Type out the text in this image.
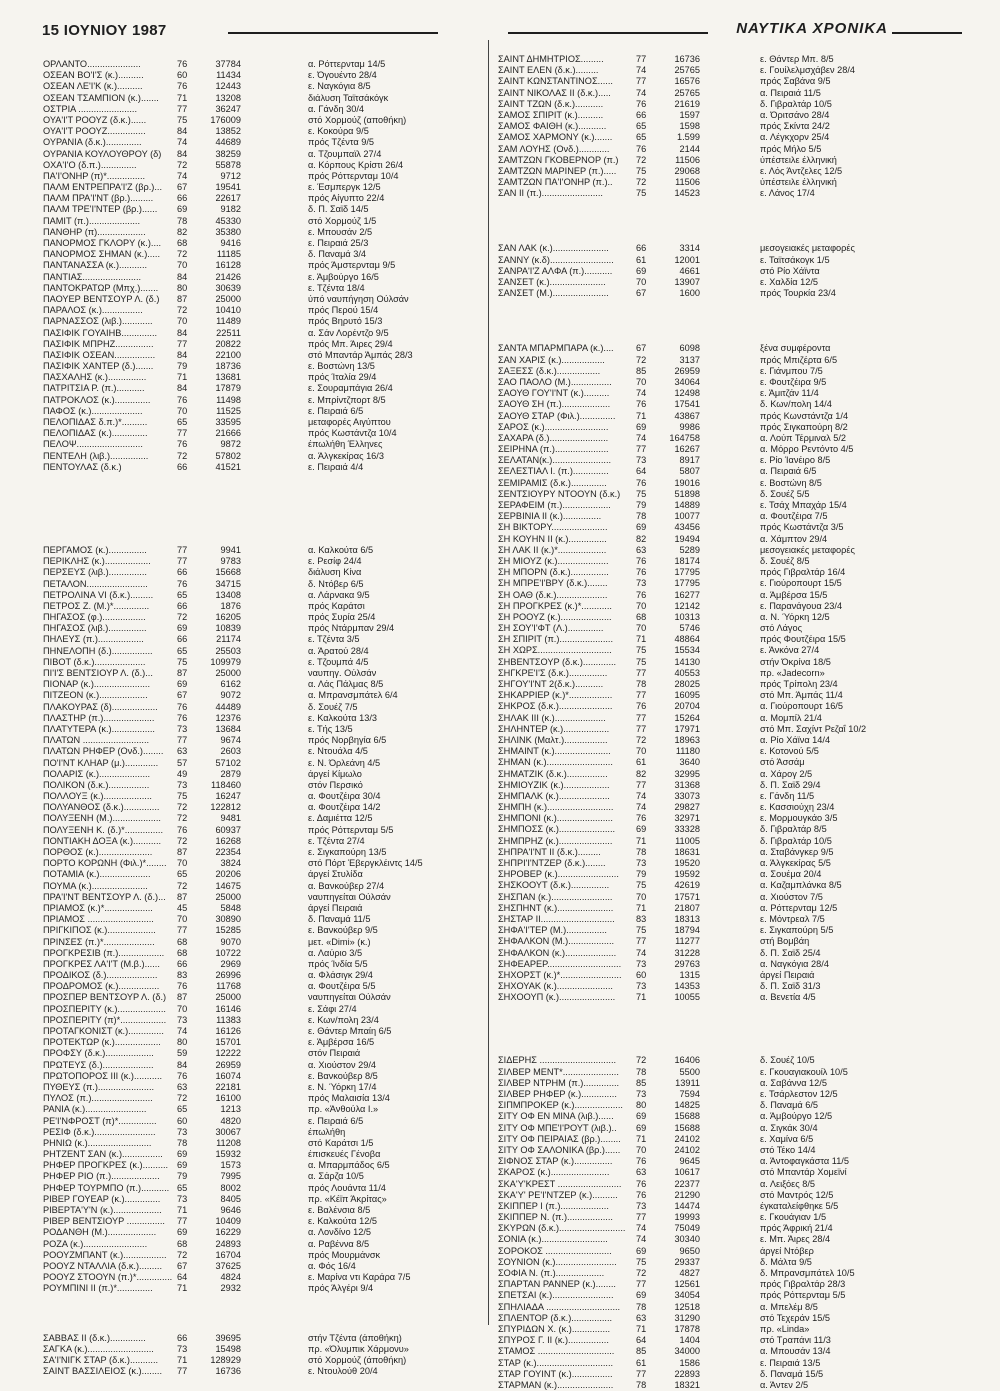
15 ΙΟΥΝΙΟΥ 1987	ΝΑΥΤΙΚΑ ΧΡΟΝΙΚΑ
ΟΡΛΑΝΤΟ.....................	76	37784	α. Ρόττερνταμ 14/5
ΟΣΕΑΝ ΒΟ'Ι'Σ (κ.)..........	60	11434	ε. Όγουέντο 28/4
ΟΣΕΑΝ ΛΕ'Ι'Κ (κ.)..........	76	12443	ε. Ναγκόγια 8/5
ΟΣΕΑΝ ΤΣΑΜΠΙΟΝ (κ.).......	71	13208	διάλυση Ταϊτσάκόγκ
ΟΣΤΡΙΑ .......................	77	36247	α. Γάνδη 30/4
ΟΥΑ'Ι'Τ ΡΟΟΥΖ (δ.κ.)......	75	176009	στό Χορμούζ (αποθήκη)
ΟΥΑ'Ι'Τ ΡΟΟΥΖ...............	84	13852	ε. Κοκούρα 9/5
ΟΥΡΑΝΙΑ (δ.κ.)..............	74	44689	πρός Τζέντα 9/5
ΟΥΡΑΝΙΑ ΚΟΥΛΟΥΘΡΟΥ (δ)	84	38259	α. Τζουμπαϊλ 27/4
ΟΧΑ'Ι'Ο (δ.π.)..............	72	55878	α. Κόρπους Κρίστι 26/4
ΠΑ'Ι'ΟΝΗΡ (π)*...............	74	9712	πρός Ρόττερνταμ 10/4
ΠΑΛΜ ΕΝΤΡΕΠΡΑ'Ι'Ζ (βρ.)...	67	19541	ε. Έσμπεργκ 12/5
ΠΑΛΜ ΠΡΑ'Ι'ΝΤ (βρ.).........	66	22617	πρός Αίγυπτο 22/4
ΠΑΛΜ ΤΡΕ'Ι'ΝΤΕΡ (βρ.)......	69	9182	δ. Π. Σαϊδ 14/5
ΠΑΜΙΤ (π.)....................	78	45330	στό Χορμούζ 1/5
ΠΑΝΘΗΡ (π)...................	82	35380	ε. Μπουσάν 2/5
ΠΑΝΟΡΜΟΣ ΓΚΛΟΡΥ (κ.)....	68	9416	ε. Πειραιά 25/3
ΠΑΝΟΡΜΟΣ ΣΗΜΑΝ (κ.).....	72	11185	δ. Παναμά 3/4
ΠΑΝΤΑΝΑΣΣΑ (κ.)...........	70	16128	πρός Άμστερνταμ 9/5
ΠΑΝΤΙΑΣ.......................	84	21426	ε. Άμβούργο 16/5
ΠΑΝΤΟΚΡΑΤΩΡ (Μπχ.).......	80	30639	ε. Τζέντα 18/4
ΠΑΟΥΕΡ ΒΕΝΤΣΟΥΡ Λ. (δ.)	87	25000	ύπό ναυπήγηση Ούλσάν
ΠΑΡΑΛΟΣ (κ.)................	72	10410	πρός Περού 15/4
ΠΑΡΝΑΣΣΟΣ (λιβ.)............	70	11489	πρός Βηρυτό 15/3
ΠΑΣΙΦΙΚ ΓΟΥΑΙΗΒ..............	84	22511	α. Σάν Λορέντζο 9/5
ΠΑΣΙΦΙΚ ΜΠΡΗΖ...............	77	20822	πρός Μπ. Άιρες 29/4
ΠΑΣΙΦΙΚ ΟΣΕΑΝ................	84	22100	στό Μπαντάρ Άμπάς 28/3
ΠΑΣΙΦΙΚ ΧΑΝΤΕΡ (δ.).......	79	18736	ε. Βοστώνη 13/5
ΠΑΣΧΑΛΗΣ (κ.)...............	71	13681	πρός Ίταλία 29/4
ΠΑΤΡΙΤΣΙΑ Ρ. (π.)...........	84	17879	ε. Σουραμπάγια 26/4
ΠΑΤΡΟΚΛΟΣ (κ.)..............	76	11498	ε. Μπρίντζπορτ 8/5
ΠΑΦΟΣ (κ.)....................	70	11525	ε. Πειραιά 6/5
ΠΕΛΟΠΙΔΑΣ δ.π.)*..........	65	33595	μεταφορές Αιγύπτου
ΠΕΛΟΠΙΔΑΣ (κ.)..............	77	21666	πρός Κωστάντζα 10/4
ΠΕΛΟΨ..........................	76	9872	έπωλήθη Έλληνες
ΠΕΝΤΕΛΗ (λιβ.)...............	72	57802	α. Άλγκεκίρας 16/3
ΠΕΝΤΟΥΛΑΣ (δ.κ.)	66	41521	ε. Πειραιά 4/4
ΠΕΡΓΑΜΟΣ (κ.)...............	77	9941	α. Καλκούτα 6/5
ΠΕΡΙΚΛΗΣ (κ.)..................	77	9783	ε. Ρεσίφ 24/4
ΠΕΡΣΕΥΣ (λιβ.)...............	66	15668	διάλυση Κίνα
ΠΕΤΑΛΟΝ........................	76	34715	δ. Ντόβερ 6/5
ΠΕΤΡΟΛΙΝΑ VI (δ.κ.).........	65	13408	α. Λάρνακα 9/5
ΠΕΤΡΟΣ Ζ. (Μ.)*..............	66	1876	πρός Καράτσι
ΠΗΓΑΣΟΣ (φ.).................	72	16205	πρός Συρία 25/4
ΠΗΓΑΣΟΣ (λιβ.)...............	69	10839	πρός Ντάρμπαν 29/4
ΠΗΛΕΥΣ (π.)..................	66	21174	ε. Τζέντα 3/5
ΠΗΝΕΛΟΠΗ (δ.)................	65	25503	α. Άρατού 28/4
ΠΙΒΟΤ (δ.κ.)....................	75	109979	ε. Τζουμπά 4/5
ΠΙ'Ι'Σ ΒΕΝΤΣΙΟΥΡ Λ. (δ.)...	87	25000	ναυπηγ. Ούλσάν
ΠΙΟΝΑΡ (κ.)......................	69	6162	α. Λάς Πάλμας 8/5
ΠΙΤΖΕΟΝ (κ.)...................	67	9072	α. Μπρανσμπάτελ 6/4
ΠΛΑΚΟΥΡΑΣ (δ)..................	76	44489	δ. Σουέζ 7/5
ΠΛΑΣΤΗΡ (π.)....................	76	12376	ε. Καλκούτα 13/3
ΠΛΑΤΥΤΕΡΑ (κ.).................	73	13684	ε. Τής 13/5
ΠΛΑΤΩΝ ..........................	77	9674	πρός Νορβηγία 6/5
ΠΛΑΤΩΝ ΡΗΦΕΡ (Ονδ.)........	63	2603	ε. Ντουάλα 4/5
ΠΟ'Ι'ΝΤ ΚΛΗΑΡ (μ.).............	57	57102	ε. Ν. Όρλεάνη 4/5
ΠΟΛΑΡΙΣ (κ.)....................	49	2879	άργεί Κίμωλο
ΠΟΛΙΚΟΝ (δ.κ.)................	73	118460	στόν Περσικό
ΠΟΛΛΟΥΞ (κ.)...................	75	16247	α. Φουτζέιρα 30/4
ΠΟΛΥΑΝΘΟΣ (δ.κ.)..............	72	122812	α. Φουτζέιρα 14/2
ΠΟΛΥΞΕΝΗ (Μ.)...................	72	9481	ε. Δαμιέττα 12/5
ΠΟΛΥΞΕΝΗ Κ. (δ.)*...............	76	60937	πρός Ρόττερνταμ 5/5
ΠΟΝΤΙΑΚΗ ΔΟΞΑ (κ.)...........	72	16268	ε. Τζέντα 27/4
ΠΟΡΘΟΣ (κ.).....................	87	22354	ε. Σιγκαπούρη 13/5
ΠΟΡΤΟ ΚΟΡΩΝΗ (Φιλ.)*........	70	3824	στό Πόρτ Έβεργκλέιντς 14/5
ΠΟΤΑΜΙΑ (κ.)....................	65	20206	άργεί Στυλίδα
ΠΟΥΜΑ (κ.)......................	72	14675	α. Βανκούβερ 27/4
ΠΡΑ'Ι'ΝΤ ΒΕΝΤΣΟΥΡ Λ. (δ.)...	87	25000	ναυπηγείται Ούλσάν
ΠΡΙΑΜΟΣ (κ.)*...................	45	5848	άργεί Πειραιά
ΠΡΙΑΜΟΣ ..........................	70	30890	δ. Παναμά 11/5
ΠΡΙΓΚΙΠΟΣ (κ.)...................	77	15285	ε. Βανκούβερ 9/5
ΠΡΙΝΣΕΣ (π.)*....................	68	9070	μετ. «Dimi» (κ.)
ΠΡΟΓΚΡΕΣΙΒ (π.)..................	68	10722	α. Λαύριο 3/5
ΠΡΟΓΚΡΕΣ ΛΑ'Ι'Τ (Μ.β.)......	66	2969	πρός Ίνδία 5/5
ΠΡΟΔΙΚΟΣ (δ.)....................	83	26996	α. Φλάσιγκ 29/4
ΠΡΟΔΡΟΜΟΣ (κ.)................	76	11768	α. Φουτζέιρα 5/5
ΠΡΟΣΠΕΡ ΒΕΝΤΣΟΥΡ Λ. (δ.)	87	25000	ναυπηγείται Ούλσάν
ΠΡΟΣΠΕΡΙΤΥ (κ.)...................	70	16146	ε. Σάφι 27/4
ΠΡΟΣΠΕΡΙΤΥ (π)*..................	73	11383	ε. Κων/πολη 23/4
ΠΡΟΤΑΓΚΟΝΙΣΤ (κ.)..............	74	16126	ε. Θάντερ Μπαίη 6/5
ΠΡΟΤΕΚΤΩΡ (κ.)..................	80	15701	ε. Άμβέρσα 16/5
ΠΡΟΦΣΥ (δ.κ.)...................	59	12222	στόν Πειραιά
ΠΡΩΤΕΥΣ (δ.)....................	84	26959	α. Χιούστον 29/4
ΠΡΩΤΟΠΟΡΟΣ III (κ.)...........	76	16074	ε. Βανκούβερ 8/5
ΠΥΘΕΥΣ (π.)......................	63	22181	ε. Ν. Ύόρκη 17/4
ΠΥΛΟΣ (π.)........................	72	16100	πρός Μαλαισία 13/4
ΡΑΝΙΑ (κ.)........................	65	1213	πρ. «Άνθούλα Ι.»
ΡΕ'Ι'ΝΦΡΟΣΤ (π)*...............	60	4820	ε. Πειραιά 6/5
ΡΕΣΙΦ (δ.κ.)........................	73	30067	έπωλήθη
ΡΗΝΙΩ (κ.).........................	78	11208	στό Καράτσι 1/5
ΡΗΤΖΕΝΤ ΣΑΝ (κ.)................	69	15932	έπισκευές Γένοβα
ΡΗΦΕΡ ΠΡΟΓΚΡΕΣ (κ.).......... 69	1573	α. Μπαρμπάδος 6/5
ΡΗΦΕΡ ΡΙΟ (π.)...................	79	7995	α. Σάρζα 10/5
ΡΗΦΕΡ ΤΟΥΡΜΠΟ (π.)........... 65	8002	πρός Λουάντα 11/4
ΡΙΒΕΡ ΓΟΥΕΑΡ (κ.)..............	73	8405	πρ. «Κέϊπ Άκρίτας»
ΡΙΒΕΡΤΑ'Υ'Ν (κ.)...................	71	9646	ε. Βαλένσια 8/5
ΡΙΒΕΡ ΒΕΝΤΣΙΟΥΡ ...............	77	10409	ε. Καλκούτα 12/5
ΡΟΔΑΝΘΗ (Μ.)...................	69	16229	α. Λονδίνο 12/5
ΡΟΖΑ (κ.).........................	68	24893	α. Ραβέννα 8/5
ΡΟΟΥΖΜΠΑΝΤ (κ.).................	72	16704	πρός Μουρμάνσκ
ΡΟΟΥΖ ΝΤΑΛΛΙΑ (δ.κ.).........	67	37625	α. Φός 16/4
ΡΟΟΥΖ ΣΤΟΟΥΝ (π.)*.............. 64	4824	ε. Μαρίνα ντι Καράρα 7/5
ΡΟΥΜΠΙΝΙ ΙΙ (π.)*..............	71	2932	πρός Άλγέρι 9/4
ΣΑΒΒΑΣ ΙΙ (δ.κ.)..............	66	39695	στήν Τζέντα (άποθήκη)
ΣΑΓΚΑ (κ.)..........................	73	15498	πρ. «Όλυμπικ Χάρμονυ»
ΣΑ'Ι'ΝΙΓΚ ΣΤΑΡ (δ.κ.)...........	71	128929	στό Χορμούζ (άποθήκη)
ΣΑΙΝΤ ΒΑΣΣΙΛΕΙΟΣ (κ.)........	77	16736	ε. Ντουλούθ 20/4
ΣΑΙΝΤ ΔΗΜΗΤΡΙΟΣ.........	77	16736	ε. Θάντερ Μπ. 8/5
ΣΑΙΝΤ ΕΛΕΝ (δ.κ.).........	74	25765	ε. Γουίλελμσχάβεν 28/4
ΣΑΙΝΤ ΚΩΝΣΤΑΝΤΙΝΟΣ......	77	16576	πρός Σαβάνα 9/5
ΣΑΙΝΤ ΝΙΚΟΛΑΣ ΙΙ (δ.κ.).....	74	25765	α. Πειραιά 11/5
ΣΑΙΝΤ ΤΖΩΝ (δ.κ.)...........	76	21619	δ. Γιβραλτάρ 10/5
ΣΑΜΟΣ ΣΠΙΡΙΤ (κ.)..........	66	1597	α. Όριτσάνο 28/4
ΣΑΜΟΣ ΦΑΙΘΗ (κ.)...........	65	1598	πρός Σκίντα 24/2
ΣΑΜΟΣ ΧΑΡΜΟΝΥ (κ.).......	65	1.599	α. Λέγκχορν 25/4
ΣΑΜ ΛΟΥΗΣ (Ονδ.)............	76	2144	πρός Μήλο 5/5
ΣΑΜΤΖΩΝ ΓΚΟΒΕΡΝΟΡ (π.)	72	11506	ύπέστειλε έλληνική
ΣΑΜΤΖΩΝ ΜΑΡΙΝΕΡ (π.).....	75	29068	ε. Λός Άντζελες 12/5
ΣΑΜΤΖΩΝ ΠΑ'Ι'ΟΝΗΡ (π.)..	72	11506	ύπέστειλε έλληνική
ΣΑΝ ΙΙ (π.)........................	75	14523	ε. Λάνος 17/4
ΣΑΝ ΛΑΚ (κ.)......................	66	3314	μεσογειακές μεταφορές
ΣΑΝΝΥ (κ.δ).........................	61	12001	ε. Ταϊτσάκογκ 1/5
ΣΑΝΡΑ'Ι'Ζ ΑΛΦΑ (π.)...........	69	4661	στό Ρίο Χάϊντα
ΣΑΝΣΕΤ (κ.)......................	70	13907	ε. Χαλδία 12/5
ΣΑΝΣΕΤ (Μ.)......................	67	1600	πρός Τουρκία 23/4
ΣΑΝΤΑ ΜΠΑΡΜΠΑΡΑ (κ.)....	67	6098	ξένα συμφέροντα
ΣΑΝ ΧΑΡΙΣ (κ.).................	72	3137	πρός Μπιζέρτα 6/5
ΣΑΞΕΣΣ (δ.κ.).................	85	26959	ε. Γιάνμπου 7/5
ΣΑΟ ΠΑΟΛΟ (Μ.)................	70	34064	ε. Φουτζέιρα 9/5
ΣΑΟΥΘ ΓΟΥ'Ι'ΝΤ (κ.)..........	74	12498	ε. Άμιτζάν 11/4
ΣΑΟΥΘ ΣΗ (π.)...................	76	17541	δ. Κων/πολη 14/4
ΣΑΟΥΘ ΣΤΑΡ (Φιλ.)..............	71	43867	πρός Κωνστάντζα 1/4
ΣΑΡΟΣ (κ.).........................	69	9986	πρός Σιγκαπούρη 8/2
ΣΑΧΑΡΑ (δ.).......................	74	164758	α. Λούπ Τέρμιναλ 5/2
ΣΕΙΡΗΝΑ (π.).....................	77	16267	α. Μόρρο Ρεντόντο 4/5
ΣΕΛΑΤΑΝ(κ.).......................	73	8917	ε. Ρίο Ίανέιρο 8/5
ΣΕΛΕΣΤΙΑΛ Ι. (π.)..............	64	5807	α. Πειραιά 6/5
ΣΕΜΙΡΑΜΙΣ (δ.κ.)..............	76	19016	ε. Βοστώνη 8/5
ΣΕΝΤΣΙΟΥΡΥ ΝΤΟΟΥΝ (δ.κ.)	75	51898	δ. Σουέζ 5/5
ΣΕΡΑΦΕΙΜ (π.)...................	79	14889	ε. Τσάχ Μπαχάρ 15/4
ΣΕΡΒΙΝΙΑ ΙΙ (κ.)...............	78	10077	α. Φουτζέιρα 7/5
ΣΗ ΒΙΚΤΟΡΥ......................	69	43456	πρός Κωστάντζα 3/5
ΣΗ ΚΟΥΗΝ ΙΙ (κ.)...............	82	19494	α. Χάμπτον 29/4
ΣΗ ΛΑΚ ΙΙ (κ.)*...................	63	5289	μεσογειακές μεταφορές
ΣΗ ΜΙΟΥΖ (κ.)....................	76	18174	δ. Σουέζ 8/5
ΣΗ ΜΠΟΡΝ (δ.κ.)...............	76	17795	πρός Γιβραλτάρ 16/4
ΣΗ ΜΠΡΕ'Ι'ΒΡΥ (δ.κ.)........	73	17795	ε. Γιούροπουρτ 15/5
ΣΗ ΟΑΘ (δ.κ.)....................	76	16277	α. Άμβέρσα 15/5
ΣΗ ΠΡΟΓΚΡΕΣ (κ.)*............	70	12142	ε. Παρανάγουα 23/4
ΣΗ ΡΟΟΥΖ (κ.)....................	68	10313	α. Ν. Ύόρκη 12/5
ΣΗ ΣΟΥ'Ι'ΦΤ (Λ.)..............	70	5746	στό Λάγος
ΣΗ ΣΠΙΡΙΤ (π.).....................	71	48864	πρός Φουτζέιρα 15/5
ΣΗ ΧΩΡΣ.............................	75	15534	ε. Άνκόνα 27/4
ΣΗΒΕΝΤΣΟΥΡ (δ.κ.).............	75	14130	στήν Όκρίνα 18/5
ΣΗΓΚΡΕ'Ι'Σ (δ.κ.)...............	77	40553	πρ. «Jadecorn»
ΣΗΓΟΥ'Ι'ΝΤ 2(δ.κ.)...........	78	28025	πρός Τρίπολη 23/4
ΣΗΚΑΡΡΙΕΡ (κ.)*.................	77	16095	στό Μπ. Άμπάς 11/4
ΣΗΚΡΟΣ (δ.κ.).....................	76	20704	α. Γιούροπουρτ 16/5
ΣΗΛΑΚ ΙΙΙ (κ.)....................	77	15264	α. Μομπίλ 21/4
ΣΗΛΗΝΤΕΡ (κ.)..................	77	17971	στό Μπ. Σαχίντ Ρεζαΐ 10/2
ΣΗΛΙΝΚ (Μαλτ.).................	72	18963	α. Ρίο Χάϊνα 14/4
ΣΗΜΑΙΝΤ (κ.)......................	70	11180	ε. Κοτονού 5/5
ΣΗΜΑΝ (κ.)..........................	61	3640	στό Άσσάμ
ΣΗΜΑΤΖΙΚ (δ.κ.)................	82	32995	α. Χάρογ 2/5
ΣΗΜΙΟΥΖΙΚ (κ.)..................	77	31368	δ. Π. Σαϊδ 29/4
ΣΗΜΠΑΛΚ (κ.)....................	74	33073	ε. Γάνδη 11/5
ΣΗΜΠΗ (κ.)..........................	74	29827	ε. Κασσιούχη 23/4
ΣΗΜΠΟΝΙ (κ.)......................	76	32971	ε. Μορμουγκάο 3/5
ΣΗΜΠΟΣΣ (κ.)......................	69	33328	δ. Γιβραλτάρ 8/5
ΣΗΜΠΡΗΖ (κ.).....................	71	11005	δ. Γιβραλτάρ 10/5
ΣΗΠΡΑ'Ι'ΝΤ ΙΙ (δ.κ.).........	78	18631	α. Σταβάνγκερ 9/5
ΣΗΠΡΙ'Ι'ΝΤΖΕΡ (δ.κ.)........	73	19520	α. Άλγκεκίρας 5/5
ΣΗΡΟΒΕΡ (κ.)........................	79	19592	α. Σουέμα 20/4
ΣΗΣΚΟΟΥΤ (δ.κ.)...............	75	42619	α. Καζαμπλάνκα 8/5
ΣΗΣΠΑΝ (κ.)........................	70	17571	α. Χιούστον 7/5
ΣΗΣΠΗΝΤ (κ.)......................	71	21807	α. Ρόττερνταμ 12/5
ΣΗΣΤΑΡ ΙΙ.............................	83	18313	ε. Μόντρεαλ 7/5
ΣΗΦΑ'Ι'ΤΕΡ (Μ.)................	75	18794	ε. Σιγκαπούρη 5/5
ΣΗΦΑΛΚΟΝ (Μ.)..................	77	11277	στή Βομβάη
ΣΗΦΑΛΚΟΝ (κ.)....................	74	31228	δ. Π. Σαϊδ 25/4
ΣΗΦΕΑΡΕΡ.............................	73	29763	α. Ναγκόγια 28/4
ΣΗΧΟΡΣΤ (κ.)*........................	60	1315	άργεί Πειραιά
ΣΗΧΟΥΑΚ (κ.)......................	73	14353	δ. Π. Σαϊδ 31/3
ΣΗΧΟΟΥΠ (κ.)......................	71	10055	α. Βενετία 4/5
ΣΙΔΕΡΗΣ ..............................	72	16406	δ. Σουέζ 10/5
ΣΙΛΒΕΡ ΜΕΝΤ*......................	78	5500	ε. Γκουαγιακουίλ 10/5
ΣΙΛΒΕΡ ΝΤΡΗΜ (π.)..............	85	13911	α. Σαβάννα 12/5
ΣΙΛΒΕΡ ΡΗΦΕΡ (κ.)..............	73	7594	ε. Τσάρλεστον 12/5
ΣΙΠΜΠΡΟΚΕΡ (κ.)...................	80	14825	δ. Παναμά 6/5
ΣΙΤΥ ΟΦ ΕΝ ΜΙΝΑ (λιβ.)......	69	15688	α. Άμβούργο 12/5
ΣΙΤΥ ΟΦ ΜΠΕ'Ι'ΡΟΥΤ (λιβ.)..	69	15688	α. Σιγκάκ 30/4
ΣΙΤΥ ΟΦ ΠΕΙΡΑΙΑΣ (βρ.)........	71	24102	ε. Χαμίνα 6/5
ΣΙΤΥ ΟΦ ΣΑΛΟΝΙΚΑ (βρ.)......	70	24102	στό Τέκο 14/4
ΣΙΦΝΟΣ ΣΤΑΡ (κ.)...............	76	9645	α. Άντοφαγκάστα 11/5
ΣΚΑΡΟΣ (κ.).......................	63	10617	στό Μπαντάρ Χομεϊνί
ΣΚΑ'Υ'ΚΡΕΣΤ .........................	76	22377	α. Λειξόες 8/5
ΣΚΑ'Υ' ΡΕ'Ι'ΝΤΖΕΡ (κ.)..........	76	21290	στό Μαντρός 12/5
ΣΚΙΠΠΕΡ Ι (π.)...................	73	14474	έγκαταλείφθηκε 5/5
ΣΚΙΠΠΕΡ Ν. (π.)..................	77	19993	ε. Γκουάγιαν 1/5
ΣΚΥΡΩΝ (δ.κ.)..........................	74	75049	πρός Άφρική 21/4
ΣΟΝΙΑ (κ.)..........................	74	30340	ε. Μπ. Άιρες 28/4
ΣΟΡΟΚΟΣ ..........................	69	9650	άργεί Ντόβερ
ΣΟΥΝΙΟΝ (κ.)........................	75	29337	δ. Μάλτα 9/5
ΣΟΦΙΑ Ν. (π.)...................	72	4827	δ. Μπρανσμπάτελ 10/5
ΣΠΑΡΤΑΝ ΡΑΝΝΕΡ (κ.)........	77	12561	πρός Γιβραλτάρ 28/3
ΣΠΕΤΣΑΙ (κ.)........................	69	34054	πρός Ρόττερνταμ 5/5
ΣΠΗΛΙΑΔΑ .............................	78	12518	α. Μπελέμ 8/5
ΣΠΛΕΝΤΟΡ (δ.κ.)................	63	31290	στό Τεχεράν 15/5
ΣΠΥΡΙΔΩΝ Χ. (κ.)...............	71	17878	πρ. «Linda»
ΣΠΥΡΟΣ Γ. ΙΙ (κ.)................	64	1404	στό Τραπάνι 11/3
ΣΤΑΜΟΣ ..............................	85	34000	α. Μπουσάν 13/4
ΣΤΑΡ (κ.)..............................	61	1586	ε. Πειραιά 13/5
ΣΤΑΡ ΓΟΥΙΝΤ (κ.)................	77	22893	δ. Παναμά 15/5
ΣΤΑΡΜΑΝ (κ.)......................	78	18321	α. Άντεν 2/5
